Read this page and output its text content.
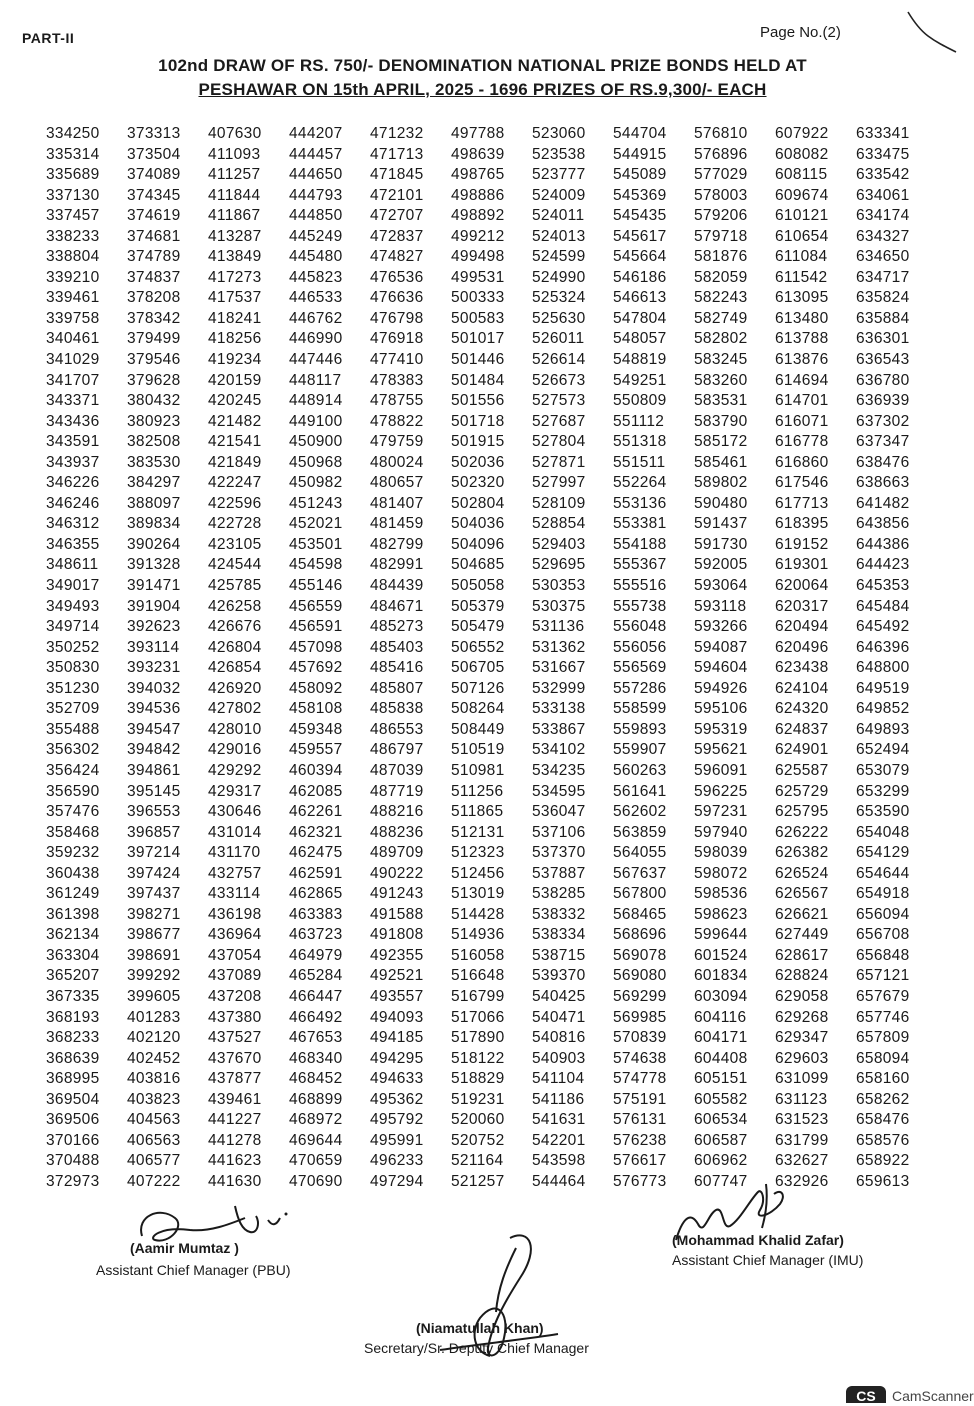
PART-II	Page No.(2)
102nd DRAW OF RS. 750/- DENOMINATION NATIONAL PRIZE BONDS HELD AT
PESHAWAR ON 15th APRIL, 2025 - 1696 PRIZES OF RS.9,300/- EACH
334250
335314
335689
337130
337457
338233
338804
339210
339461
339758
340461
341029
341707
343371
343436
343591
343937
346226
346246
346312
346355
348611
349017
349493
349714
350252
350830
351230
352709
355488
356302
356424
356590
357476
358468
359232
360438
361249
361398
362134
363304
365207
367335
368193
368233
368639
368995
369504
369506
370166
370488
372973
373313
373504
374089
374345
374619
374681
374789
374837
378208
378342
379499
379546
379628
380432
380923
382508
383530
384297
388097
389834
390264
391328
391471
391904
392623
393114
393231
394032
394536
394547
394842
394861
395145
396553
396857
397214
397424
397437
398271
398677
398691
399292
399605
401283
402120
402452
403816
403823
404563
406563
406577
407222
407630
411093
411257
411844
411867
413287
413849
417273
417537
418241
418256
419234
420159
420245
421482
421541
421849
422247
422596
422728
423105
424544
425785
426258
426676
426804
426854
426920
427802
428010
429016
429292
429317
430646
431014
431170
432757
433114
436198
436964
437054
437089
437208
437380
437527
437670
437877
439461
441227
441278
441623
441630
444207
444457
444650
444793
444850
445249
445480
445823
446533
446762
446990
447446
448117
448914
449100
450900
450968
450982
451243
452021
453501
454598
455146
456559
456591
457098
457692
458092
458108
459348
459557
460394
462085
462261
462321
462475
462591
462865
463383
463723
464979
465284
466447
466492
467653
468340
468452
468899
468972
469644
470659
470690
471232
471713
471845
472101
472707
472837
474827
476536
476636
476798
476918
477410
478383
478755
478822
479759
480024
480657
481407
481459
482799
482991
484439
484671
485273
485403
485416
485807
485838
486553
486797
487039
487719
488216
488236
489709
490222
491243
491588
491808
492355
492521
493557
494093
494185
494295
494633
495362
495792
495991
496233
497294
497788
498639
498765
498886
498892
499212
499498
499531
500333
500583
501017
501446
501484
501556
501718
501915
502036
502320
502804
504036
504096
504685
505058
505379
505479
506552
506705
507126
508264
508449
510519
510981
511256
511865
512131
512323
512456
513019
514428
514936
516058
516648
516799
517066
517890
518122
518829
519231
520060
520752
521164
521257
523060
523538
523777
524009
524011
524013
524599
524990
525324
525630
526011
526614
526673
527573
527687
527804
527871
527997
528109
528854
529403
529695
530353
530375
531136
531362
531667
532999
533138
533867
534102
534235
534595
536047
537106
537370
537887
538285
538332
538334
538715
539370
540425
540471
540816
540903
541104
541186
541631
542201
543598
544464
544704
544915
545089
545369
545435
545617
545664
546186
546613
547804
548057
548819
549251
550809
551112
551318
551511
552264
553136
553381
554188
555367
555516
555738
556048
556056
556569
557286
558599
559893
559907
560263
561641
562602
563859
564055
567637
567800
568465
568696
569078
569080
569299
569985
570839
574638
574778
575191
576131
576238
576617
576773
576810
576896
577029
578003
579206
579718
581876
582059
582243
582749
582802
583245
583260
583531
583790
585172
585461
589802
590480
591437
591730
592005
593064
593118
593266
594087
594604
594926
595106
595319
595621
596091
596225
597231
597940
598039
598072
598536
598623
599644
601524
601834
603094
604116
604171
604408
605151
605582
606534
606587
606962
607747
607922
608082
608115
609674
610121
610654
611084
611542
613095
613480
613788
613876
614694
614701
616071
616778
616860
617546
617713
618395
619152
619301
620064
620317
620494
620496
623438
624104
624320
624837
624901
625587
625729
625795
626222
626382
626524
626567
626621
627449
628617
628824
629058
629268
629347
629603
631099
631123
631523
631799
632627
632926
633341
633475
633542
634061
634174
634327
634650
634717
635824
635884
636301
636543
636780
636939
637302
637347
638476
638663
641482
643856
644386
644423
645353
645484
645492
646396
648800
649519
649852
649893
652494
653079
653299
653590
654048
654129
654644
654918
656094
656708
656848
657121
657679
657746
657809
658094
658160
658262
658476
658576
658922
659613
(Aamir Mumtaz )
Assistant Chief Manager (PBU)
(Mohammad Khalid Zafar)
Assistant Chief Manager (IMU)
(Niamatullah Khan)
Secretary/Sr. Deputy Chief Manager
CS	CamScanner
